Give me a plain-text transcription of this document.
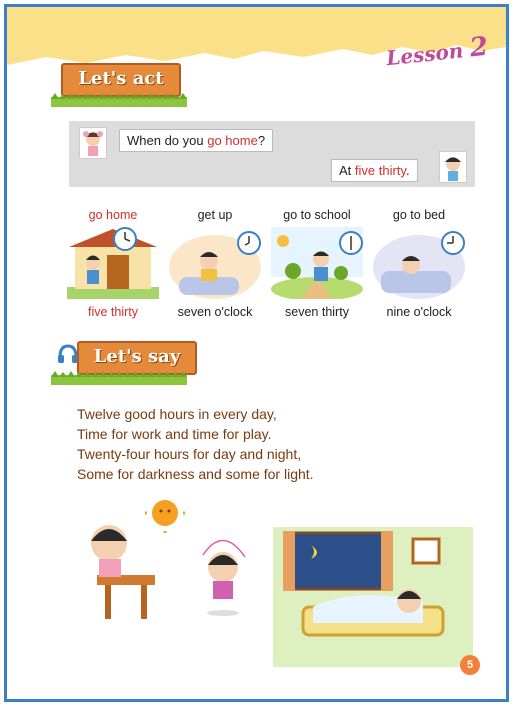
Lesson 2
Let's act
When do you go home?
At five thirty.
go home	get up	go to school	go to bed
five thirty	seven o'clock	seven thirty	nine o'clock
Let's say
Twelve good hours in every day,
Time for work and time for play.
Twenty-four hours for day and night,
Some for darkness and some for light.
5
